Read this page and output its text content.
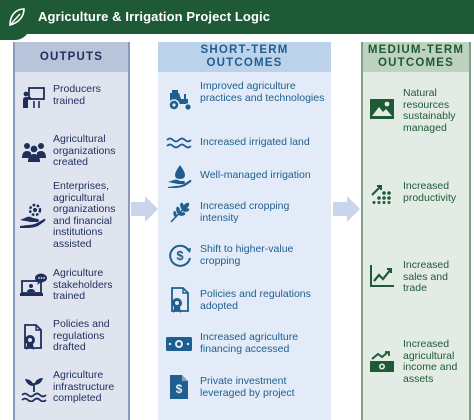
Agriculture & Irrigation Project Logic
OUTPUTS
Producers trained
Agricultural organizations created
Enterprises, agricultural organizations and financial institutions assisted
Agriculture stakeholders trained
Policies and regulations drafted
Agriculture infrastructure completed
SHORT-TERM
OUTCOMES
Improved agriculture practices and technologies
Increased irrigated land
Well-managed irrigation
Increased cropping intensity
$ Shift to higher-value cropping
Policies and regulations adopted
Increased agriculture financing accessed
$
Private investment leveraged by project
MEDIUM-TERM
OUTCOMES
Natural resources sustainably managed
Increased productivity
Increased sales and trade
Increased agricultural income and assets
